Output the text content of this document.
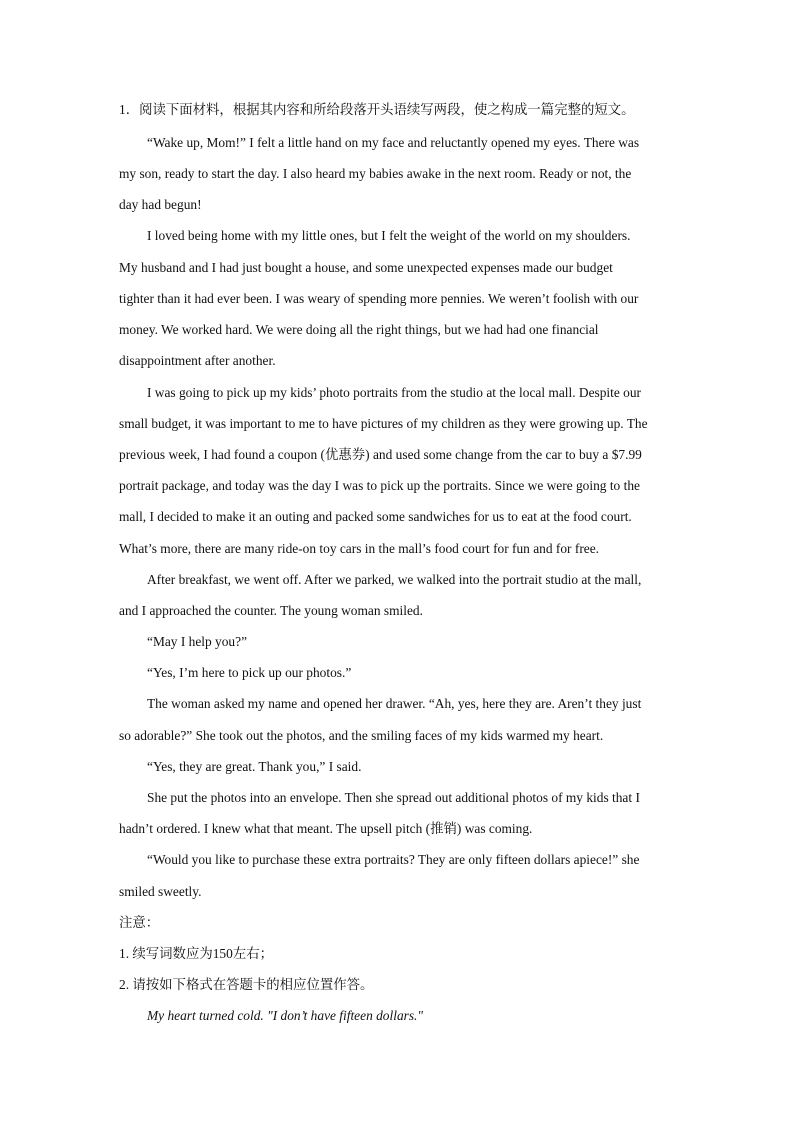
1．阅读下面材料，根据其内容和所给段落开头语续写两段，使之构成一篇完整的短文。
“Wake up, Mom!” I felt a little hand on my face and reluctantly opened my eyes. There was
my son, ready to start the day. I also heard my babies awake in the next room. Ready or not, the
day had begun!
I loved being home with my little ones, but I felt the weight of the world on my shoulders.
My husband and I had just bought a house, and some unexpected expenses made our budget
tighter than it had ever been. I was weary of spending more pennies. We weren’t foolish with our
money. We worked hard. We were doing all the right things, but we had had one financial
disappointment after another.
I was going to pick up my kids’ photo portraits from the studio at the local mall. Despite our
small budget, it was important to me to have pictures of my children as they were growing up. The
previous week, I had found a coupon (优惠券) and used some change from the car to buy a $7.99
portrait package, and today was the day I was to pick up the portraits. Since we were going to the
mall, I decided to make it an outing and packed some sandwiches for us to eat at the food court.
What’s more, there are many ride-on toy cars in the mall’s food court for fun and for free.
After breakfast, we went off. After we parked, we walked into the portrait studio at the mall,
and I approached the counter. The young woman smiled.
“May I help you?”
“Yes, I’m here to pick up our photos.”
The woman asked my name and opened her drawer. “Ah, yes, here they are. Aren’t they just
so adorable?” She took out the photos, and the smiling faces of my kids warmed my heart.
“Yes, they are great. Thank you,” I said.
She put the photos into an envelope. Then she spread out additional photos of my kids that I
hadn’t ordered. I knew what that meant. The upsell pitch (推销) was coming.
“Would you like to purchase these extra portraits? They are only fifteen dollars apiece!” she
smiled sweetly.
注意：
1. 续写词数应为150左右；
2. 请按如下格式在答题卡的相应位置作答。
My heart turned cold. "I don’t have fifteen dollars."
